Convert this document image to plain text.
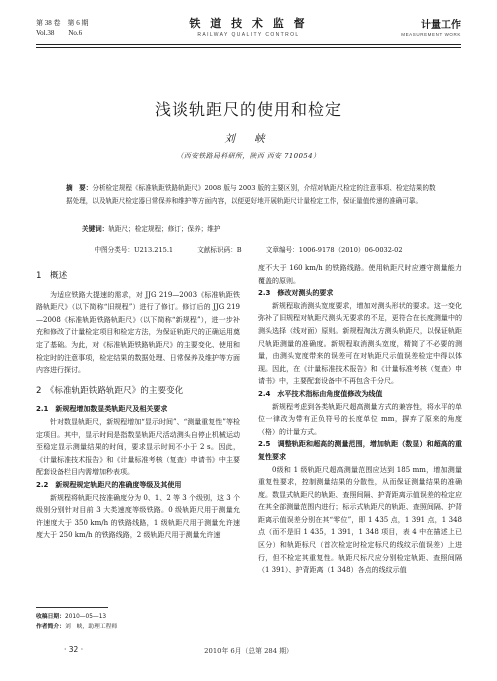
第 38 卷　第 6 期
Vol.38　　No.6
铁 道 技 术 监 督
RAILWAY QUALITY CONTROL
计量工作
MEASUREMENT WORK
浅谈轨距尺的使用和检定
刘 峡
（西安铁路局科研所，陕西 西安 710054）
摘　要：分析检定规程《标准轨距铁路轨距尺》2008 版与 2003 版的主要区别，介绍对轨距尺检定的注意事项、检定结果的数据处理，以及轨距尺检定器日常保养和维护等方面内容，以便更好地开展轨距尺计量检定工作，保证量值传递的准确可靠。
关键词：轨距尺；检定规程；修订；保养；维护
中图分类号：U213.215.1	文献标识码：B	文章编号：1006-9178（2010）06-0032-02
1　概述

为适应铁路大提速的需求，对 JJG 219—2003《标准轨距铁路轨距尺》（以下简称“旧规程”）进行了修订。修订后的 JJG 219—2008《标准轨距铁路轨距尺》（以下简称“新规程”），进一步补充和修改了计量检定项目和检定方法，为保证轨距尺的正确运用奠定了基础。为此，对《标准轨距铁路轨距尺》的主要变化、使用和检定时的注意事项，检定结果的数据处理、日常保养及维护等方面内容进行探讨。

2　《标准轨距铁路轨距尺》的主要变化
2.1　新规程增加数显类轨距尺及相关要求

针对数显轨距尺，新规程增加“显示时间”、“测量重复性”等检定项目。其中，显示时间是指数显轨距尺活动测头自停止机械运动至稳定显示测量结果的时间，要求显示时间不小于 2 s。因此，《计量标准技术报告》和《计量标准考核（复查）申请书》中主要配套设备栏目内需增加秒表项。

2.2　新规程规定轨距尺的准确度等级及其使用

新规程将轨距尺按准确度分为 0、1、2 等 3 个级别，这 3 个级别分别针对目前 3 大类速度等级铁路。0 级轨距尺用于测量允许速度大于 350 km/h 的铁路线路，1 级轨距尺用于测量允许速度大于 250 km/h 的铁路线路，2 级轨距尺用于测量允许速

度不大于 160 km/h 的铁路线路。使用轨距尺时应遵守测量能力覆盖的原则。

2.3　修改对测头的要求

新规程取消测头宽度要求，增加对测头形状的要求。这一变化弥补了旧规程对轨距尺测头无要求的不足，更符合在长度测量中的测头选择（线对面）原则。新规程淘汰方测头轨距尺，以保证轨距尺轨距测量的准确度。新规程取消测头宽度，精简了不必要的测量，由测头宽度带来的误差可在对轨距尺示值误差检定中得以体现。因此，在《计量标准技术报告》和《计量标准考核（复查）申请书》中，主要配套设备中不再包含千分尺。

2.4　水平技术指标由角度值修改为线值

新规程考虑到各类轨距尺超高测量方式的兼容性，将水平的单位一律改为带有正负符号的长度单位 mm，摒弃了原来的角度（格）的计量方式。

2.5　调整轨距和超高的测量范围，增加轨距（数显）和超高的重复性要求

0级和 1 级轨距尺超高测量范围应达到 185 mm，增加测量重复性要求，控制测量结果的分散性，从而保证测量结果的准确度。数显式轨距尺的轨距、查照间隔、护背距离示值误差的检定应在其全部测量范围内进行；标示式轨距尺的轨距、查照间隔、护背距离示值误差分别在其“零位”，即 1 435 点，1 391 点，1 348 点（而不是旧 1 435，1 391，1 348 项目，表 4 中在描述上已区分）和轨距标尺（首次检定时检定标尺的线纹示值误差）上进行，但不检定其重复性。轨距尺标尺应分别检定轨距、查照间隔（1 391）、护背距离（1 348）各点的线纹示值

收稿日期：2010—05—13
作者简介：刘　峡，助理工程师
· 32 ·	2010年 6月（总第 284 期）
